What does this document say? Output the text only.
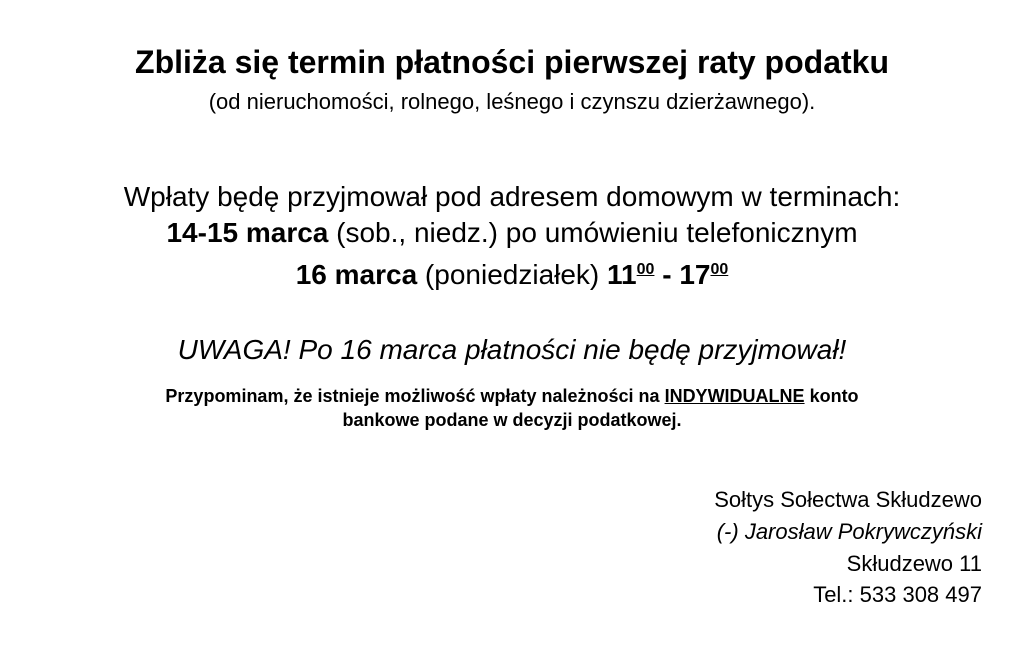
Zbliża się termin płatności pierwszej raty podatku
(od nieruchomości, rolnego, leśnego i czynszu dzierżawnego).
Wpłaty będę przyjmował pod adresem domowym w terminach:
14-15 marca (sob., niedz.) po umówieniu telefonicznym
16 marca (poniedziałek) $11^{00} - 17^{00}$
UWAGA! Po 16 marca płatności nie będę przyjmował!
Przypominam, że istnieje możliwość wpłaty należności na INDYWIDUALNE konto
bankowe podane w decyzji podatkowej.
Sołtys Sołectwa Skłudzewo
(-) Jarosław Pokrywczyński
Skłudzewo 11
Tel.: 533 308 497
